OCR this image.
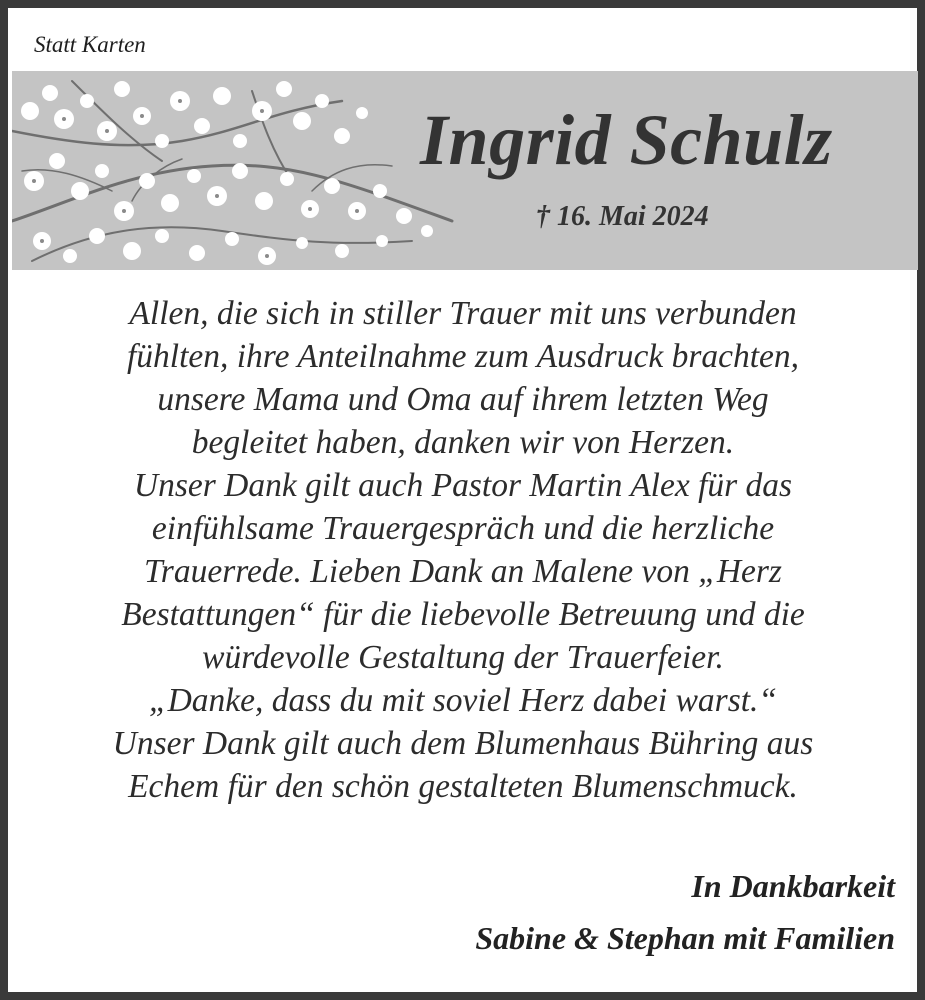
Statt Karten
Ingrid Schulz
† 16. Mai 2024
Allen, die sich in stiller Trauer mit uns verbunden
fühlten, ihre Anteilnahme zum Ausdruck brachten,
unsere Mama und Oma auf ihrem letzten Weg
begleitet haben, danken wir von Herzen.
Unser Dank gilt auch Pastor Martin Alex für das
einfühlsame Trauergespräch und die herzliche
Trauerrede. Lieben Dank an Malene von „Herz
Bestattungen“ für die liebevolle Betreuung und die
würdevolle Gestaltung der Trauerfeier.
„Danke, dass du mit soviel Herz dabei warst.“
Unser Dank gilt auch dem Blumenhaus Bühring aus
Echem für den schön gestalteten Blumenschmuck.
In Dankbarkeit
Sabine & Stephan mit Familien
